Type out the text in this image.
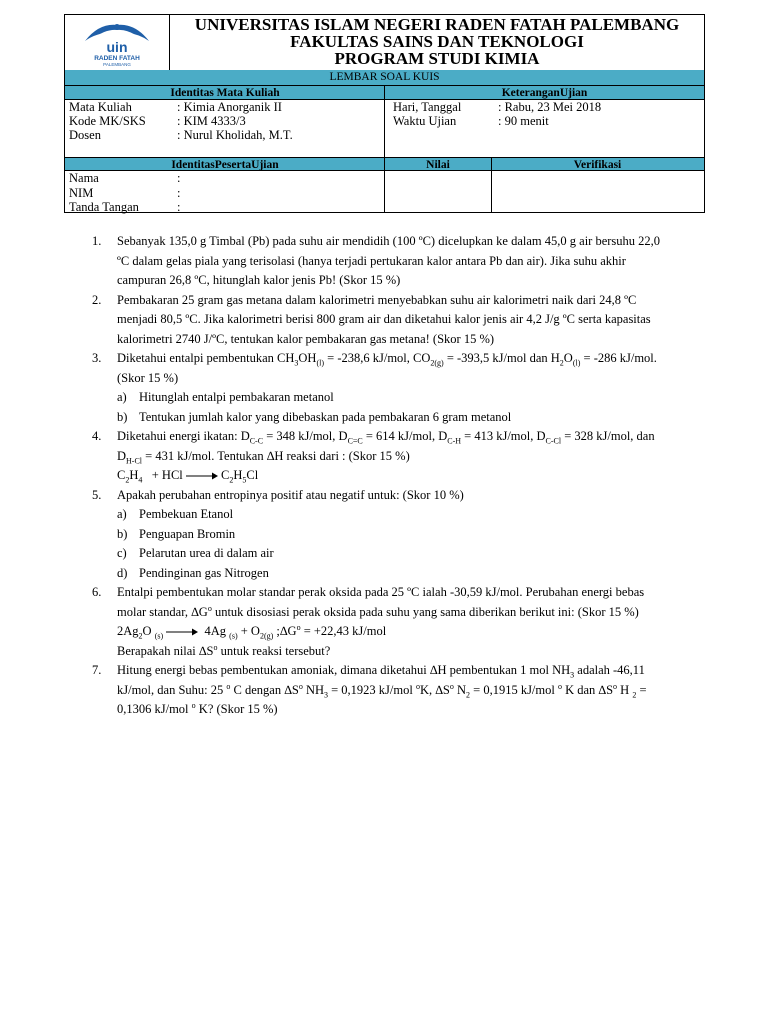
uin
RADEN FATAH
PALEMBANG
UNIVERSITAS ISLAM NEGERI RADEN FATAH PALEMBANG
FAKULTAS SAINS DAN TEKNOLOGI
PROGRAM STUDI KIMIA
LEMBAR SOAL KUIS
Identitas Mata Kuliah	KeteranganUjian
Mata Kuliah	: Kimia Anorganik II
Kode MK/SKS	: KIM 4333/3
Dosen	: Nurul Kholidah, M.T.
Hari, Tanggal	: Rabu, 23 Mei 2018
Waktu Ujian	: 90 menit
IdentitasPesertaUjian	Nilai	Verifikasi
Nama	:
NIM	:
Tanda Tangan	:
1.	Sebanyak 135,0 g Timbal (Pb) pada suhu air mendidih (100 ºC) dicelupkan ke dalam 45,0 g air bersuhu 22,0
ºC dalam gelas piala yang terisolasi (hanya terjadi pertukaran kalor antara Pb dan air). Jika suhu akhir
campuran 26,8 ºC, hitunglah kalor jenis Pb! (Skor 15 %)
2.	Pembakaran 25 gram gas metana dalam kalorimetri menyebabkan suhu air kalorimetri naik dari 24,8 ºC
menjadi 80,5 ºC. Jika kalorimetri berisi 800 gram air dan diketahui kalor jenis air 4,2 J/g ºC serta kapasitas
kalorimetri 2740 J/ºC, tentukan kalor pembakaran gas metana! (Skor 15 %)
3.	Diketahui entalpi pembentukan $CH_3OH_{(l)} = -238,6$ kJ/mol, $CO_{2(g)} = -393,5$ kJ/mol dan $H_2O_{(l)} = -286$ kJ/mol.
(Skor 15 %)
a) Hitunglah entalpi pembakaran metanol
b) Tentukan jumlah kalor yang dibebaskan pada pembakaran 6 gram metanol
4.	Diketahui energi ikatan: $D_{C-C} = 348$ kJ/mol, $D_{C=C} = 614$ kJ/mol, $D_{C-H} = 413$ kJ/mol, $D_{C-Cl} = 328$ kJ/mol, dan
$D_{H-Cl} = 431$ kJ/mol. Tentukan ∆H reaksi dari : (Skor 15 %)
$C_2H_4$ + HCl → $C_2H_5Cl$
5.	Apakah perubahan entropinya positif atau negatif untuk: (Skor 10 %)
a) Pembekuan Etanol
b) Penguapan Bromin
c) Pelarutan urea di dalam air
d) Pendinginan gas Nitrogen
6.	Entalpi pembentukan molar standar perak oksida pada 25 ºC ialah -30,59 kJ/mol. Perubahan energi bebas
molar standar, $\Delta G^o$ untuk disosiasi perak oksida pada suhu yang sama diberikan berikut ini: (Skor 15 %)
$2Ag_2O$ $_{(s)}$ → 4Ag $_{(s)} + O_{2(g)}$ $;\Delta G^o = +22,43$ kJ/mol
Berapakah nilai $\Delta S^o$ untuk reaksi tersebut?
7.	Hitung energi bebas pembentukan amoniak, dimana diketahui ∆H pembentukan 1 mol $NH_3$ adalah -46,11
kJ/mol, dan Suhu: 25 $^o$ C dengan $\Delta S^o$ $NH_3 = 0,1923$ kJ/mol $^o$K, $\Delta S^o$ $N_2 = 0,1915$ kJ/mol $^o$ K dan $\Delta S^o$ H $_2$ =
0,1306 kJ/mol $^o$ K? (Skor 15 %)
